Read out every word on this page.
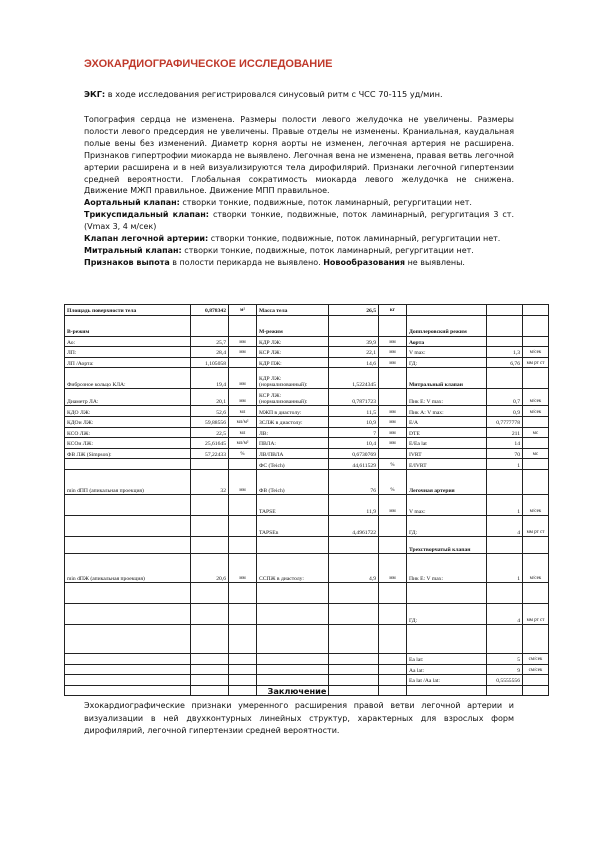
ЭХОКАРДИОГРАФИЧЕСКОЕ ИССЛЕДОВАНИЕ
ЭКГ: в ходе исследования регистрировался синусовый ритм с ЧСС 70-115 уд/мин.

Топография сердца не изменена. Размеры полости левого желудочка не увеличены. Размеры полости левого предсердия не увеличены. Правые отделы не изменены. Краниальная, каудальная полые вены без изменений. Диаметр корня аорты не изменен, легочная артерия не расширена. Признаков гипертрофии миокарда не выявлено. Легочная вена не изменена, правая ветвь легочной артерии расширена и в ней визуализируются тела дирофилярий. Признаки легочной гипертензии средней вероятности. Глобальная сократимость миокарда левого желудочка не снижена. Движение МЖП правильное. Движение МПП правильное.

Аортальный клапан: створки тонкие, подвижные, поток ламинарный, регургитации нет.

Трикуспидальный клапан: створки тонкие, подвижные, поток ламинарный, регургитация 3 ст. (Vmax 3, 4 м/сек)

Клапан легочной артерии: створки тонкие, подвижные, поток ламинарный, регургитации нет.

Митральный клапан: створки тонкие, подвижные, поток ламинарный, регургитации нет.

Признаков выпота в полости перикарда не выявлено. Новообразования не выявлены.

Площадь поверхности тела	0,878342	м²	Масса тела	26,5	кг			
В-режим			М-режим			Допплеровский режим		
Ао:	25,7	мм	КДР ЛЖ:	39,9	мм	Аорта		
ЛП:	28,4	мм	КСР ЛЖ:	22,1	мм	V max:	1,3	м/сек
ЛП /Аорта:	1,105058		КДР ПЖ:	14,6	мм	ГД:	6,76	мм рт ст
Фиброзное кольцо КЛА:	19,4	мм	КДР ЛЖ: (нормализованный):	1,5224345		Митральный клапан		
Диаметр ЛА:	20,1	мм	КСР ЛЖ: (нормализованный):	0,7871723		Пик Е: V max:	0,7	м/сек
КДО ЛЖ:	52,6	мл	МЖП в диастолу:	11,5	мм	Пик А: V max:	0,9	м/сек
КДОи ЛЖ:	59,88556	мл/м²	ЗСЛЖ в диастолу:	10,9	мм	E/A	0,7777778	
КСО ЛЖ:	22,5	мл	ЛВ:	7	мм	DTE	211	мс
КСОи ЛЖ:	25,61645	мл/м²	ПВЛА:	10,4	мм	E/Ea lat	14	
ФВ ЛЖ (Simpson):	57,22433	%	ЛВ/ПВЛА	0,6730769		IVRT	70	мс
			ФС (Teich)	44,611529	%	E/IVRT	1	
min dПП (апикальная проекция)	32	мм	ФВ (Teich)	76	%	Легочная артерия		
			TAPSE	11,9	мм	V max:	1	м/сек
			TAPSEn	4,4961722		ГД:	4	мм рт ст
						Трехстворчатый клапан		
min dПЖ (апикальная проекция)	20,6	мм	ССПЖ в диастолу:	4,9	мм	Пик Е: V max:	1	м/сек

						ГД:	4	мм рт ст

						Ea lat:	5	см/сек
						Aa lat:	9	см/сек
						Ea lat /Aa lat:	0,5555556	

Заключение
Эхокардиографические признаки умеренного расширения правой ветви легочной артерии и визуализации в ней двухконтурных линейных структур, характерных для взрослых форм дирофилярий, легочной гипертензии средней вероятности.
